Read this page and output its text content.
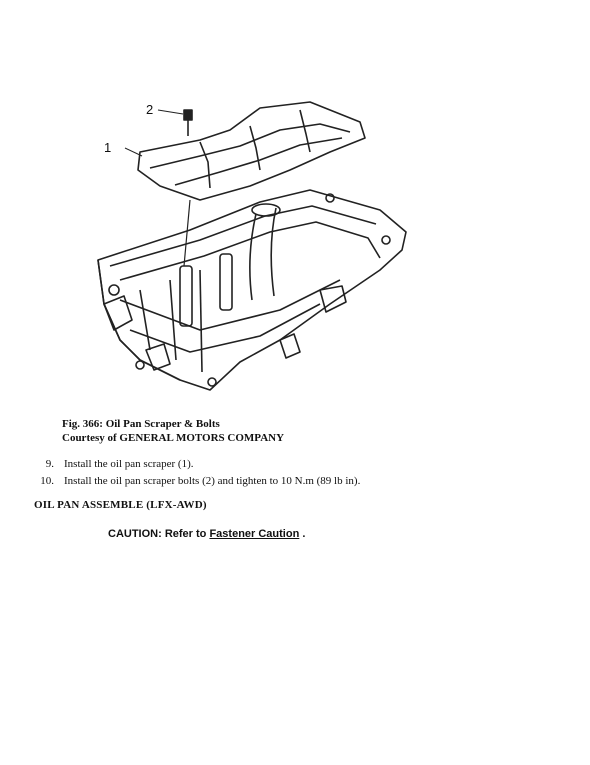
1
2
Fig. 366: Oil Pan Scraper & Bolts
Courtesy of GENERAL MOTORS COMPANY
9. Install the oil pan scraper (1).
10. Install the oil pan scraper bolts (2) and tighten to 10 N.m (89 lb in).
OIL PAN ASSEMBLE (LFX-AWD)
CAUTION: Refer to Fastener Caution .
